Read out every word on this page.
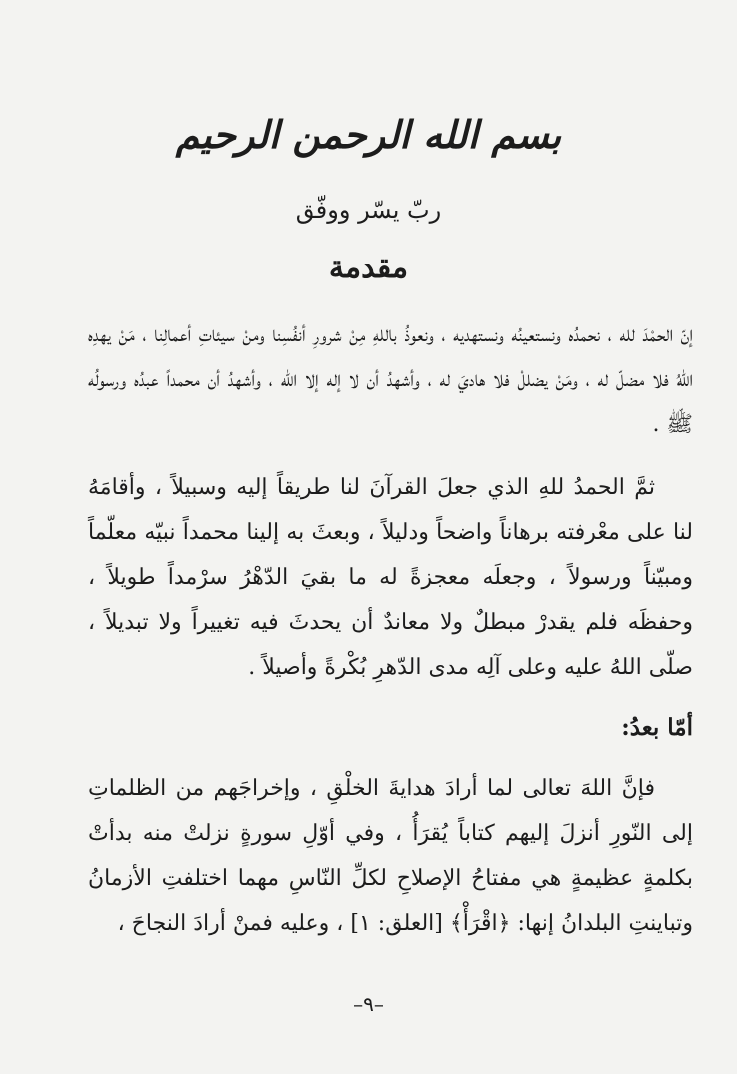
بسم الله الرحمن الرحيم
ربّ يسّر ووفّق
مقدمة

إنّ الحمْدَ لله ، نحمدُه ونستعينُه ونستهديه ، ونعوذُ باللهِ مِنْ شرورِ أنفُسِنا ومنْ سيئاتِ أعمالِنا ، مَنْ يهدِه اللهُ فلا مضلّ له ، ومَنْ يضللْ فلا هاديَ له ، وأشهدُ أن لا إله إلا الله ، وأشهدُ أن محمداً عبدُه ورسولُه ﷺ .

ثمَّ الحمدُ للهِ الذي جعلَ القرآنَ لنا طريقاً إليه وسبيلاً ، وأقامَهُ لنا على معْرفته برهاناً واضحاً ودليلاً ، وبعثَ به إلينا محمداً نبيّه معلّماً ومبيّناً ورسولاً ، وجعلَه معجزةً له ما بقيَ الدّهْرُ سرْمداً طويلاً ، وحفظَه فلم يقدرْ مبطلٌ ولا معاندٌ أن يحدثَ فيه تغييراً ولا تبديلاً ، صلّى اللهُ عليه وعلى آلِه مدى الدّهرِ بُكْرةً وأصيلاً .

أمّا بعدُ:

فإنَّ اللهَ تعالى لما أرادَ هدايةَ الخلْقِ ، وإخراجَهم من الظلماتِ إلى النّورِ أنزلَ إليهم كتاباً يُقرَأُ ، وفي أوّلِ سورةٍ نزلتْ منه بدأتْ بكلمةٍ عظيمةٍ هي مفتاحُ الإصلاحِ لكلِّ النّاسِ مهما اختلفتِ الأزمانُ وتباينتِ البلدانُ إنها: ﴿اقْرَأْ﴾ [العلق: ١] ، وعليه فمنْ أرادَ النجاحَ ،

–٩–
